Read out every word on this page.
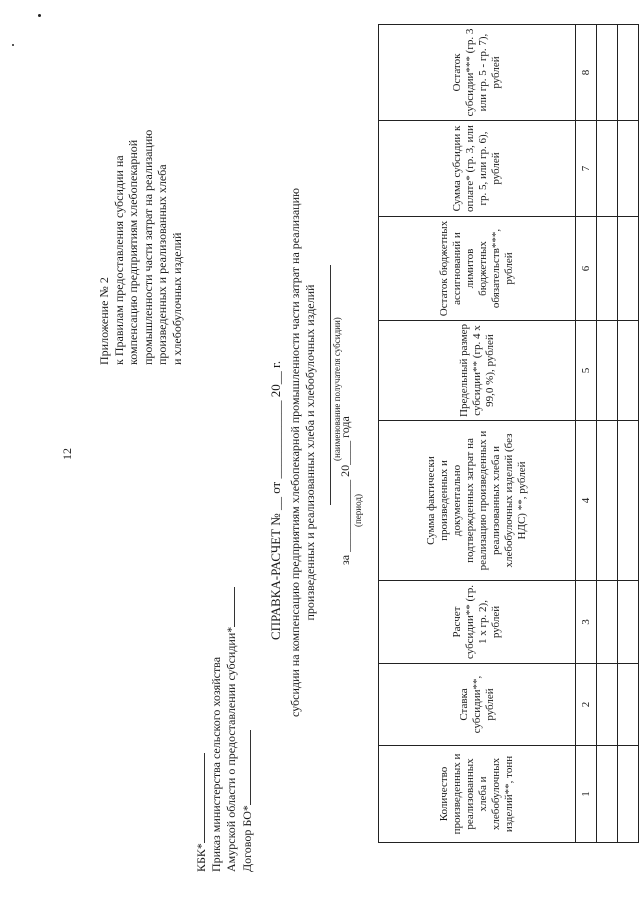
12
Приложение № 2 к Правилам предоставления субсидии на компенсацию предприятиям хлебопекарной промышленности части затрат на реализацию произведенных и реализованных хлеба и хлебобулочных изделий
КБК* Приказ министерства сельского хозяйства Амурской области о предоставлении субсидии* Договор БО*
СПРАВКА-РАСЧЕТ № __ от ____________ 20__ г. субсидии на компенсацию предприятиям хлебопекарной промышленности части затрат на реализацию произведенных и реализованных хлеба и хлебобулочных изделий (наименование получателя субсидии)
за ____________ 20____ года (период)
Количество произведенных и реализованных хлеба и хлебобулочных изделий**, тонн	Ставка субсидии**, рублей	Расчет субсидии** (гр. 1 х гр. 2), рублей	Сумма фактически произведенных и документально подтвержденных затрат на реализацию произведенных и реализованных хлеба и хлебобулочных изделий (без НДС) **, рублей	Предельный размер субсидии** (гр. 4 х 99,0 %), рублей	Остаток бюджетных ассигнований и лимитов бюджетных обязательств***, рублей	Сумма субсидии к оплате* (гр. 3, или гр. 5, или гр. 6), рублей	Остаток субсидии*** (гр. 3 или гр. 5 - гр. 7), рублей
1	2	3	4	5	6	7	8
